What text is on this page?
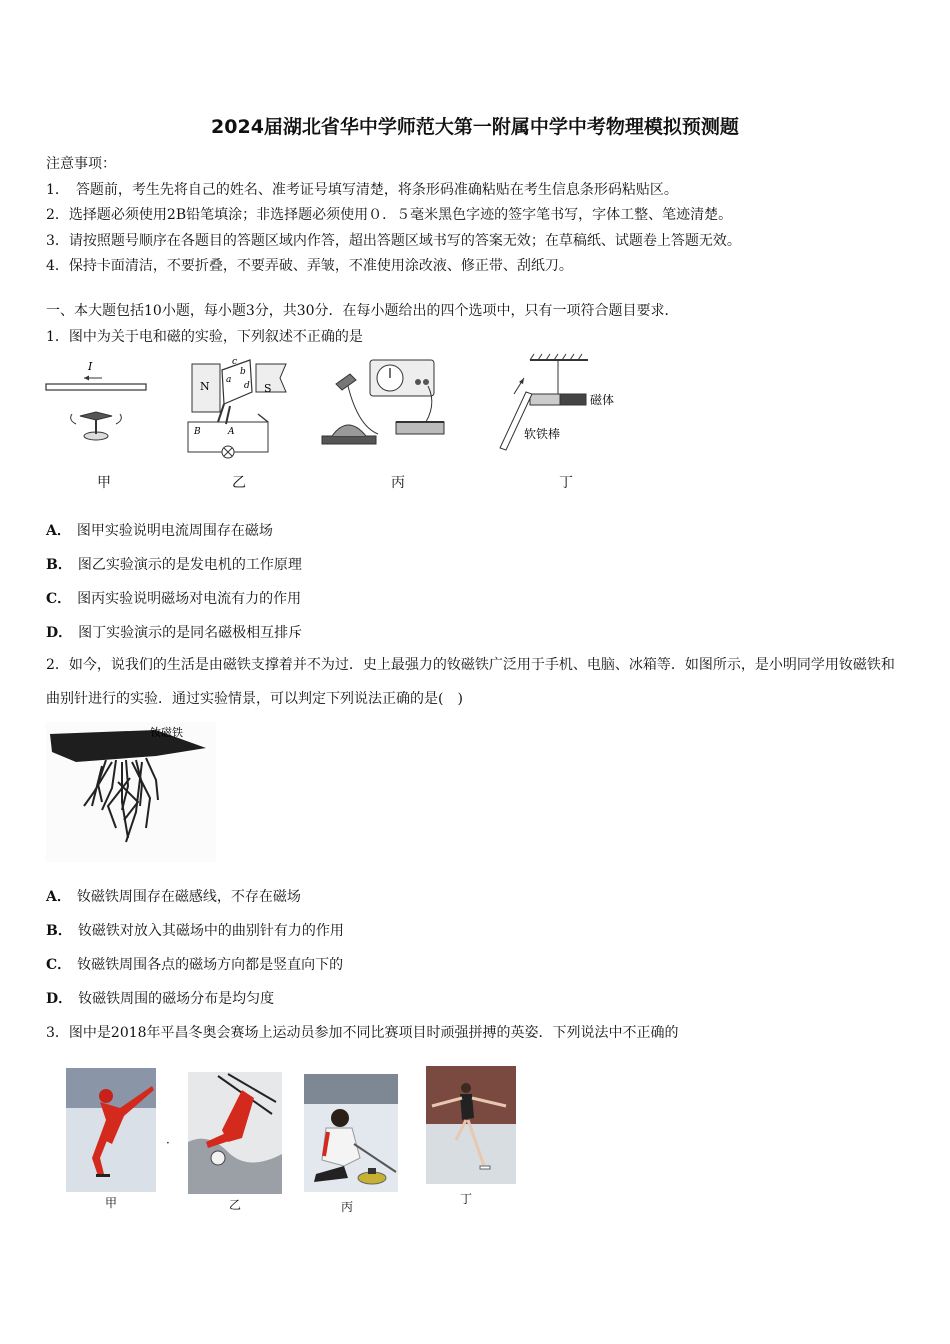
2024届湖北省华中学师范大第一附属中学中考物理模拟预测题
注意事项：
1．　答题前，考生先将自己的姓名、准考证号填写清楚，将条形码准确粘贴在考生信息条形码粘贴区。
2．选择题必须使用2B铅笔填涂；非选择题必须使用０．５毫米黑色字迹的签字笔书写，字体工整、笔迹清楚。
3．请按照题号顺序在各题目的答题区域内作答，超出答题区域书写的答案无效；在草稿纸、试题卷上答题无效。
4．保持卡面清洁，不要折叠，不要弄破、弄皱，不准使用涂改液、修正带、刮纸刀。
一、本大题包括10小题，每小题3分，共30分．在每小题给出的四个选项中，只有一项符合题目要求．
1．图中为关于电和磁的实验，下列叙述不正确的是
I
N	S
c
d
a
b
B	A
磁体
软铁棒
甲	乙	丙	丁
A． 图甲实验说明电流周围存在磁场
B． 图乙实验演示的是发电机的工作原理
C． 图丙实验说明磁场对电流有力的作用
D． 图丁实验演示的是同名磁极相互排斥
2．如今，说我们的生活是由磁铁支撑着并不为过．史上最强力的钕磁铁广泛用于手机、电脑、冰箱等．如图所示，是小明同学用钕磁铁和曲别针进行的实验．通过实验情景，可以判定下列说法正确的是(　)
钕磁铁
A． 钕磁铁周围存在磁感线，不存在磁场
B． 钕磁铁对放入其磁场中的曲别针有力的作用
C． 钕磁铁周围各点的磁场方向都是竖直向下的
D． 钕磁铁周围的磁场分布是均匀度
3．图中是2018年平昌冬奥会赛场上运动员参加不同比赛项目时顽强拼搏的英姿．下列说法中不正确的
·
甲	乙	丙
丁
